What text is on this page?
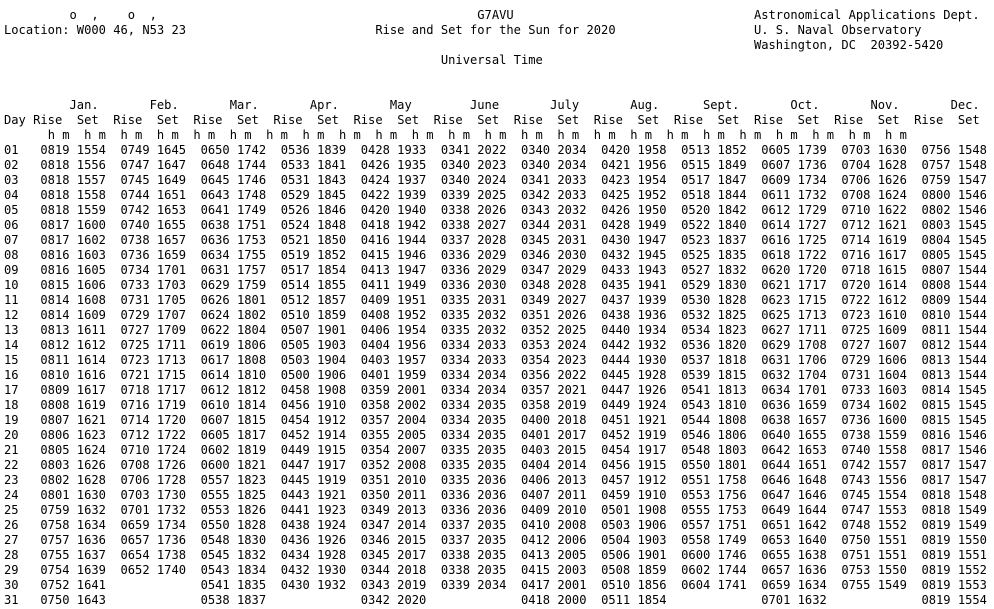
o  ,    o  ,	G7AVU	Astronomical Applications Dept.
Location: W000 46, N53 23	Rise and Set for the Sun for 2020	U. S. Naval Observatory
Washington, DC  20392-5420
Universal Time

Jan.	Feb.	Mar.	Apr.	May	June	July	Aug.	Sept.	Oct.	Nov.	Dec.
Day Rise Set Rise Set Rise Set Rise Set Rise Set Rise Set Rise Set Rise Set Rise Set Rise Set Rise Set Rise Set
h m h m h m h m h m h m h m h m h m h m h m h m h m h m h m h m h m h m h m h m h m h m h m h m
01 0819 1554 0749 1645 0650 1742 0536 1839 0428 1933 0341 2022 0340 2034 0420 1958 0513 1852 0605 1739 0703 1630 0756 1548
02 0818 1556 0747 1647 0648 1744 0533 1841 0426 1935 0340 2023 0340 2034 0421 1956 0515 1849 0607 1736 0704 1628 0757 1548
03 0818 1557 0745 1649 0645 1746 0531 1843 0424 1937 0340 2024 0341 2033 0423 1954 0517 1847 0609 1734 0706 1626 0759 1547
04 0818 1558 0744 1651 0643 1748 0529 1845 0422 1939 0339 2025 0342 2033 0425 1952 0518 1844 0611 1732 0708 1624 0800 1546
05 0818 1559 0742 1653 0641 1749 0526 1846 0420 1940 0338 2026 0343 2032 0426 1950 0520 1842 0612 1729 0710 1622 0802 1546
06 0817 1600 0740 1655 0638 1751 0524 1848 0418 1942 0338 2027 0344 2031 0428 1949 0522 1840 0614 1727 0712 1621 0803 1545
07 0817 1602 0738 1657 0636 1753 0521 1850 0416 1944 0337 2028 0345 2031 0430 1947 0523 1837 0616 1725 0714 1619 0804 1545
08 0816 1603 0736 1659 0634 1755 0519 1852 0415 1946 0336 2029 0346 2030 0432 1945 0525 1835 0618 1722 0716 1617 0805 1545
09 0816 1605 0734 1701 0631 1757 0517 1854 0413 1947 0336 2029 0347 2029 0433 1943 0527 1832 0620 1720 0718 1615 0807 1544
10 0815 1606 0733 1703 0629 1759 0514 1855 0411 1949 0336 2030 0348 2028 0435 1941 0529 1830 0621 1717 0720 1614 0808 1544
11 0814 1608 0731 1705 0626 1801 0512 1857 0409 1951 0335 2031 0349 2027 0437 1939 0530 1828 0623 1715 0722 1612 0809 1544
12 0814 1609 0729 1707 0624 1802 0510 1859 0408 1952 0335 2032 0351 2026 0438 1936 0532 1825 0625 1713 0723 1610 0810 1544
13 0813 1611 0727 1709 0622 1804 0507 1901 0406 1954 0335 2032 0352 2025 0440 1934 0534 1823 0627 1711 0725 1609 0811 1544
14 0812 1612 0725 1711 0619 1806 0505 1903 0404 1956 0334 2033 0353 2024 0442 1932 0536 1820 0629 1708 0727 1607 0812 1544
15 0811 1614 0723 1713 0617 1808 0503 1904 0403 1957 0334 2033 0354 2023 0444 1930 0537 1818 0631 1706 0729 1606 0813 1544
16 0810 1616 0721 1715 0614 1810 0500 1906 0401 1959 0334 2034 0356 2022 0445 1928 0539 1815 0632 1704 0731 1604 0813 1544
17 0809 1617 0718 1717 0612 1812 0458 1908 0359 2001 0334 2034 0357 2021 0447 1926 0541 1813 0634 1701 0733 1603 0814 1545
18 0808 1619 0716 1719 0610 1814 0456 1910 0358 2002 0334 2035 0358 2019 0449 1924 0543 1810 0636 1659 0734 1602 0815 1545
19 0807 1621 0714 1720 0607 1815 0454 1912 0357 2004 0334 2035 0400 2018 0451 1921 0544 1808 0638 1657 0736 1600 0815 1545
20 0806 1623 0712 1722 0605 1817 0452 1914 0355 2005 0334 2035 0401 2017 0452 1919 0546 1806 0640 1655 0738 1559 0816 1546
21 0805 1624 0710 1724 0602 1819 0449 1915 0354 2007 0335 2035 0403 2015 0454 1917 0548 1803 0642 1653 0740 1558 0817 1546
22 0803 1626 0708 1726 0600 1821 0447 1917 0352 2008 0335 2035 0404 2014 0456 1915 0550 1801 0644 1651 0742 1557 0817 1547
23 0802 1628 0706 1728 0557 1823 0445 1919 0351 2010 0335 2036 0406 2013 0457 1912 0551 1758 0646 1648 0743 1556 0817 1547
24 0801 1630 0703 1730 0555 1825 0443 1921 0350 2011 0336 2036 0407 2011 0459 1910 0553 1756 0647 1646 0745 1554 0818 1548
25 0759 1632 0701 1732 0553 1826 0441 1923 0349 2013 0336 2036 0409 2010 0501 1908 0555 1753 0649 1644 0747 1553 0818 1549
26 0758 1634 0659 1734 0550 1828 0438 1924 0347 2014 0337 2035 0410 2008 0503 1906 0557 1751 0651 1642 0748 1552 0819 1549
27 0757 1636 0657 1736 0548 1830 0436 1926 0346 2015 0337 2035 0412 2006 0504 1903 0558 1749 0653 1640 0750 1551 0819 1550
28 0755 1637 0654 1738 0545 1832 0434 1928 0345 2017 0338 2035 0413 2005 0506 1901 0600 1746 0655 1638 0751 1551 0819 1551
29 0754 1639 0652 1740 0543 1834 0432 1930 0344 2018 0338 2035 0415 2003 0508 1859 0602 1744 0657 1636 0753 1550 0819 1552
30 0752 1641	0541 1835 0430 1932 0343 2019 0339 2034 0417 2001 0510 1856 0604 1741 0659 1634 0755 1549 0819 1553
31 0750 1643	0538 1837	0342 2020	0418 2000 0511 1854	0701 1632	0819 1554
